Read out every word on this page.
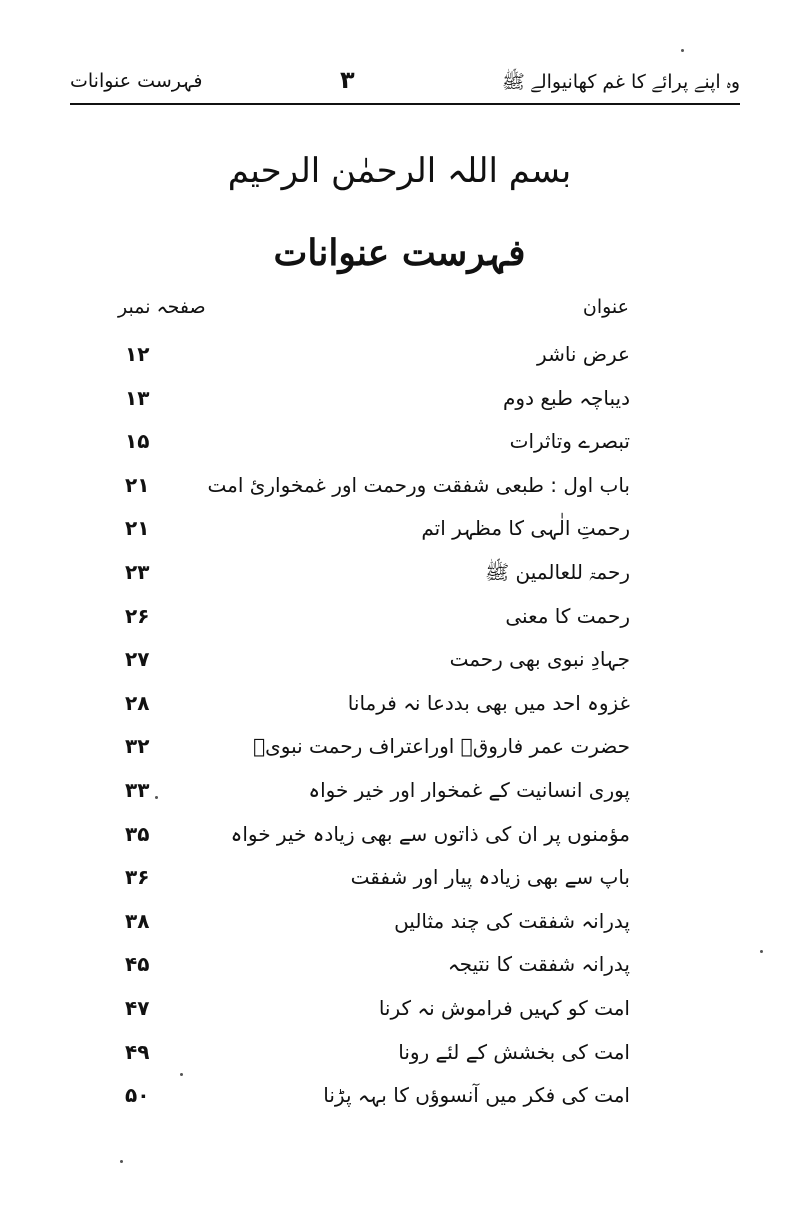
وہ اپنے پرائے کا غم کھانیوالے ﷺ
۳
فہرست عنوانات
بسم اللہ الرحمٰن الرحیم
فہرست عنوانات
عنوان
صفحہ نمبر
عرض ناشر
۱۲
دیباچہ طبع دوم
۱۳
تبصرے وتاثرات
۱۵
باب اول : طبعی شفقت ورحمت اور غمخواریٔ امت
۲۱
رحمتِ الٰہی کا مظہر اتم
۲۱
رحمۃ للعالمین ﷺ
۲۳
رحمت کا معنی
۲۶
جہادِ نبوی بھی رحمت
۲۷
غزوہ احد میں بھی بددعا نہ فرمانا
۲۸
حضرت عمر فاروقؓ اوراعتراف رحمت نبویؐ
۳۲
پوری انسانیت کے غمخوار اور خیر خواہ
۳۳
مؤمنوں پر ان کی ذاتوں سے بھی زیادہ خیر خواہ
۳۵
باپ سے بھی زیادہ پیار اور شفقت
۳۶
پدرانہ شفقت کی چند مثالیں
۳۸
پدرانہ شفقت کا نتیجہ
۴۵
امت کو کہیں فراموش نہ کرنا
۴۷
امت کی بخشش کے لئے رونا
۴۹
امت کی فکر میں آنسوؤں کا بہہ پڑنا
۵۰
